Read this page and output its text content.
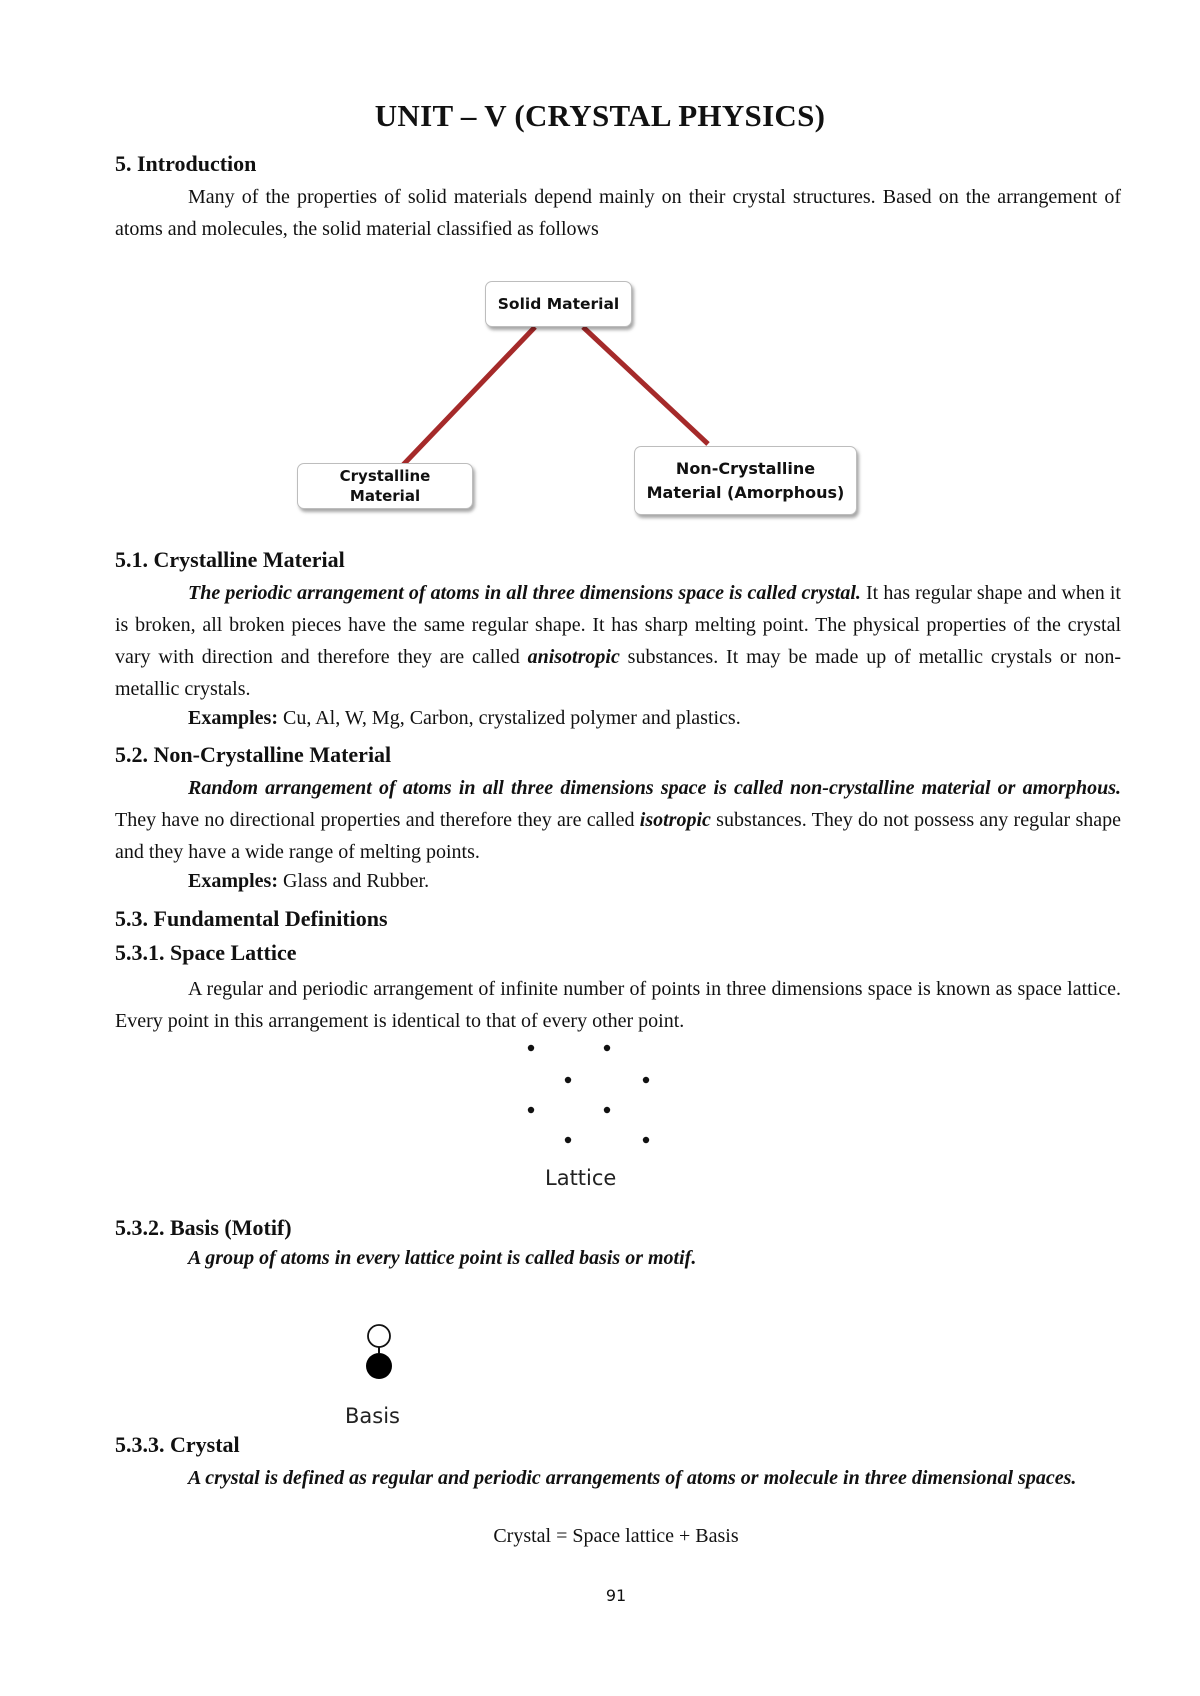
UNIT – V (CRYSTAL PHYSICS)
5. Introduction
Many of the properties of solid materials depend mainly on their crystal structures. Based on the arrangement of atoms and molecules, the solid material classified as follows
Solid Material
Crystalline
Material
Non-Crystalline
Material (Amorphous)
5.1. Crystalline Material
The periodic arrangement of atoms in all three dimensions space is called crystal. It has regular shape and when it is broken, all broken pieces have the same regular shape. It has sharp melting point. The physical properties of the crystal vary with direction and therefore they are called anisotropic substances. It may be made up of metallic crystals or non-metallic crystals.
Examples: Cu, Al, W, Mg, Carbon, crystalized polymer and plastics.
5.2. Non-Crystalline Material
Random arrangement of atoms in all three dimensions space is called non-crystalline material or amorphous. They have no directional properties and therefore they are called isotropic substances. They do not possess any regular shape and they have a wide range of melting points.
Examples: Glass and Rubber.
5.3. Fundamental Definitions
5.3.1. Space Lattice
A regular and periodic arrangement of infinite number of points in three dimensions space is known as space lattice. Every point in this arrangement is identical to that of every other point.
Lattice
5.3.2. Basis (Motif)
A group of atoms in every lattice point is called basis or motif.
Basis
5.3.3. Crystal
A crystal is defined as regular and periodic arrangements of atoms or molecule in three dimensional spaces.
Crystal = Space lattice + Basis
91
